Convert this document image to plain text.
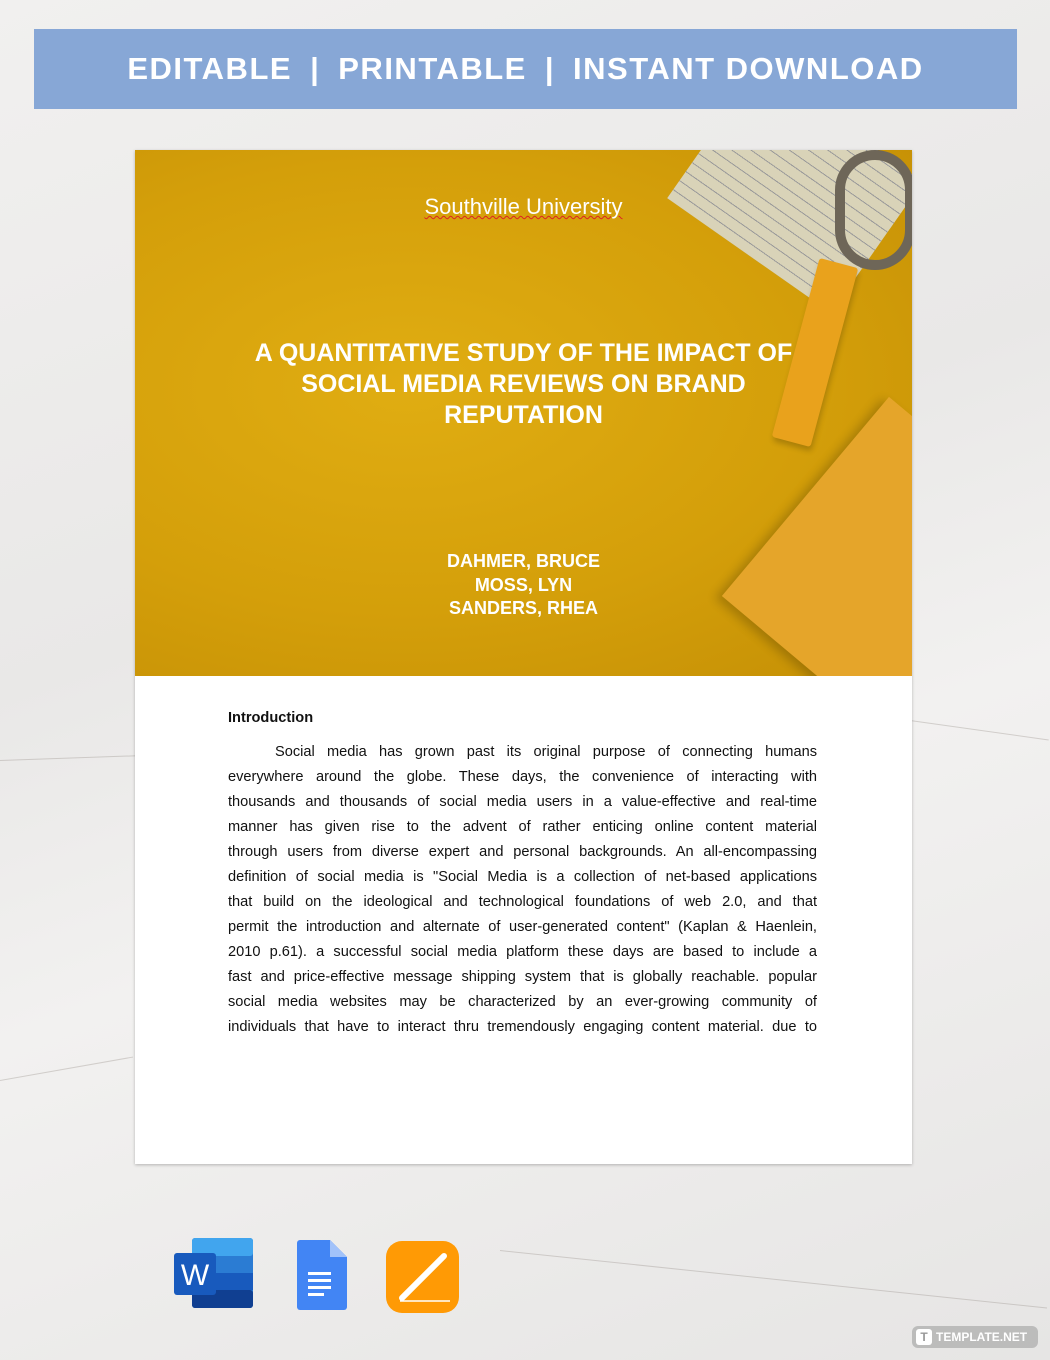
EDITABLE | PRINTABLE | INSTANT DOWNLOAD
Southville University
A QUANTITATIVE STUDY OF THE IMPACT OF
SOCIAL MEDIA REVIEWS ON BRAND
REPUTATION
DAHMER, BRUCE
MOSS, LYN
SANDERS, RHEA
Introduction
Social media has grown past its original purpose of connecting humans
everywhere around the globe. These days, the convenience of interacting with
thousands and thousands of social media users in a value-effective and real-time
manner has given rise to the advent of rather enticing online content material
through users from diverse expert and personal backgrounds. An all-encompassing
definition of social media is "Social Media is a collection of net-based applications
that build on the ideological and technological foundations of web 2.0, and that
permit the introduction and alternate of user-generated content" (Kaplan & Haenlein,
2010 p.61). a successful social media platform these days are based to include a
fast and price-effective message shipping system that is globally reachable. popular
social media websites may be characterized by an ever-growing community of
individuals that have to interact thru tremendously engaging content material. due to
W
T TEMPLATE.NET
